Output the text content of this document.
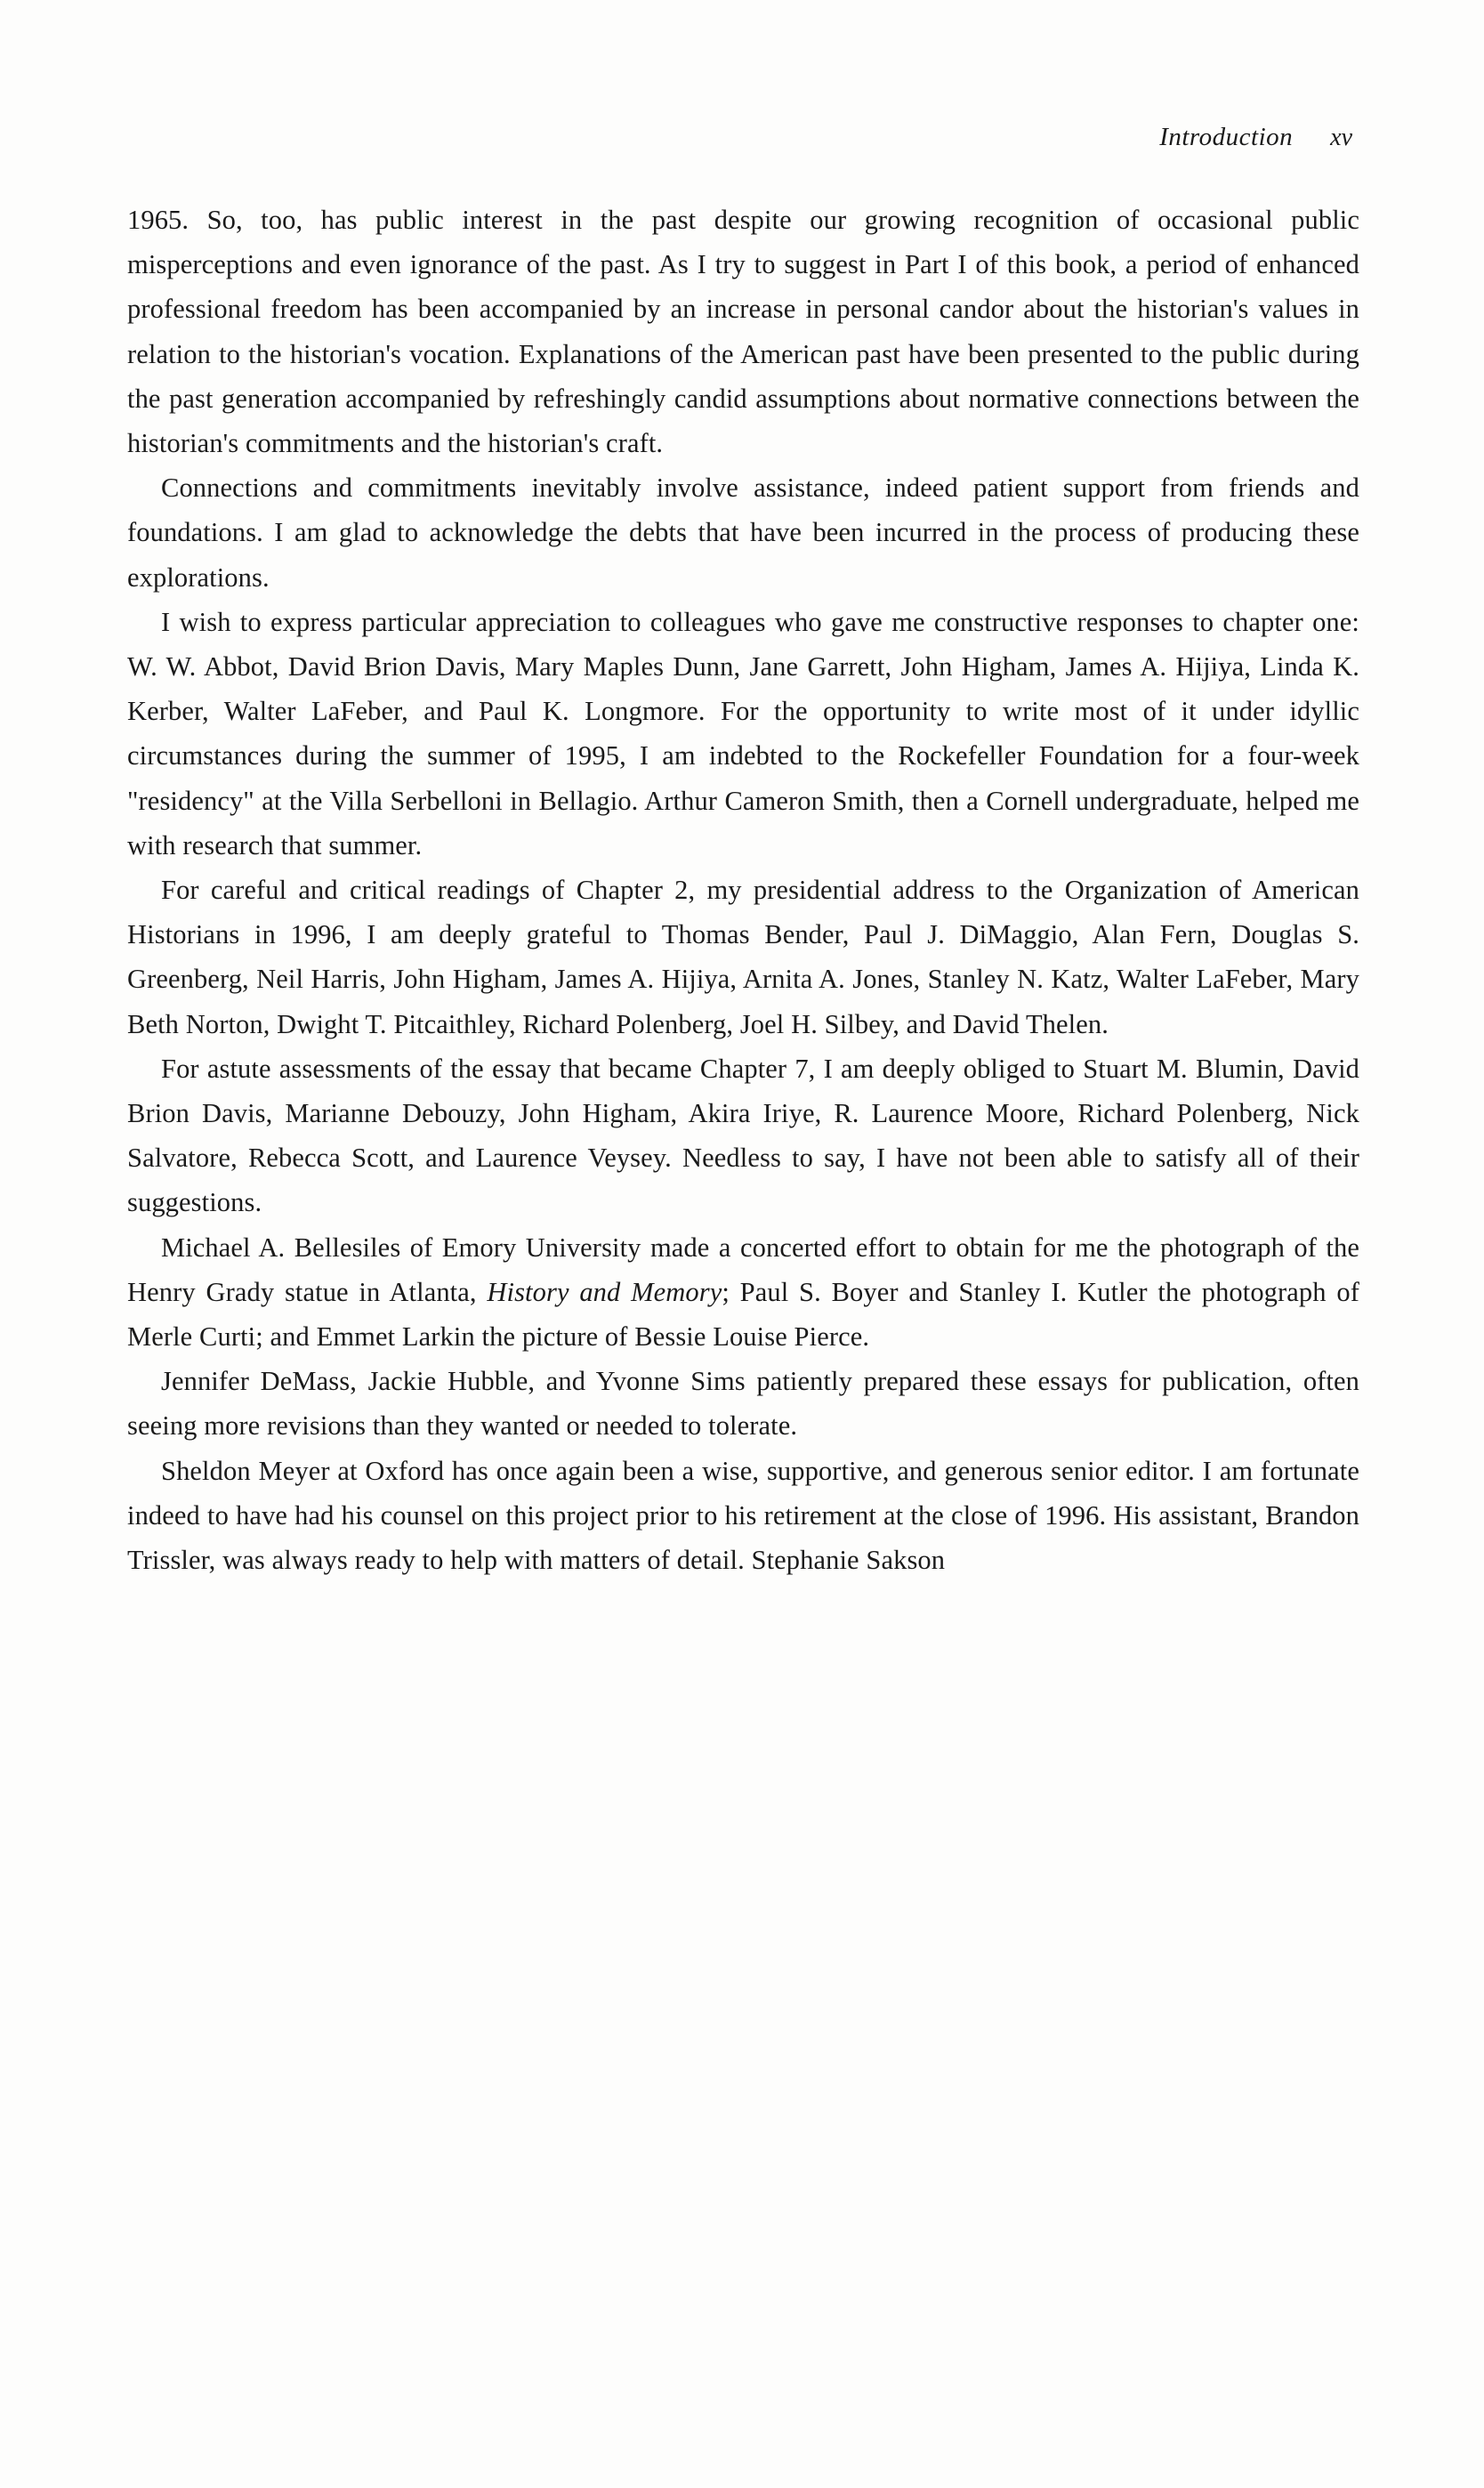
Introduction xv

1965. So, too, has public interest in the past despite our growing recognition of occasional public misperceptions and even ignorance of the past. As I try to suggest in Part I of this book, a period of enhanced professional freedom has been accompanied by an increase in personal candor about the historian's values in relation to the historian's vocation. Explanations of the American past have been presented to the public during the past generation accompanied by refreshingly candid assumptions about normative connections between the historian's commitments and the historian's craft.

Connections and commitments inevitably involve assistance, indeed patient support from friends and foundations. I am glad to acknowledge the debts that have been incurred in the process of producing these explorations.

I wish to express particular appreciation to colleagues who gave me constructive responses to chapter one: W. W. Abbot, David Brion Davis, Mary Maples Dunn, Jane Garrett, John Higham, James A. Hijiya, Linda K. Kerber, Walter LaFeber, and Paul K. Longmore. For the opportunity to write most of it under idyllic circumstances during the summer of 1995, I am indebted to the Rockefeller Foundation for a four-week "residency" at the Villa Serbelloni in Bellagio. Arthur Cameron Smith, then a Cornell undergraduate, helped me with research that summer.

For careful and critical readings of Chapter 2, my presidential address to the Organization of American Historians in 1996, I am deeply grateful to Thomas Bender, Paul J. DiMaggio, Alan Fern, Douglas S. Greenberg, Neil Harris, John Higham, James A. Hijiya, Arnita A. Jones, Stanley N. Katz, Walter LaFeber, Mary Beth Norton, Dwight T. Pitcaithley, Richard Polenberg, Joel H. Silbey, and David Thelen.

For astute assessments of the essay that became Chapter 7, I am deeply obliged to Stuart M. Blumin, David Brion Davis, Marianne Debouzy, John Higham, Akira Iriye, R. Laurence Moore, Richard Polenberg, Nick Salvatore, Rebecca Scott, and Laurence Veysey. Needless to say, I have not been able to satisfy all of their suggestions.

Michael A. Bellesiles of Emory University made a concerted effort to obtain for me the photograph of the Henry Grady statue in Atlanta, History and Memory; Paul S. Boyer and Stanley I. Kutler the photograph of Merle Curti; and Emmet Larkin the picture of Bessie Louise Pierce.

Jennifer DeMass, Jackie Hubble, and Yvonne Sims patiently prepared these essays for publication, often seeing more revisions than they wanted or needed to tolerate.

Sheldon Meyer at Oxford has once again been a wise, supportive, and generous senior editor. I am fortunate indeed to have had his counsel on this project prior to his retirement at the close of 1996. His assistant, Brandon Trissler, was always ready to help with matters of detail. Stephanie Sakson
